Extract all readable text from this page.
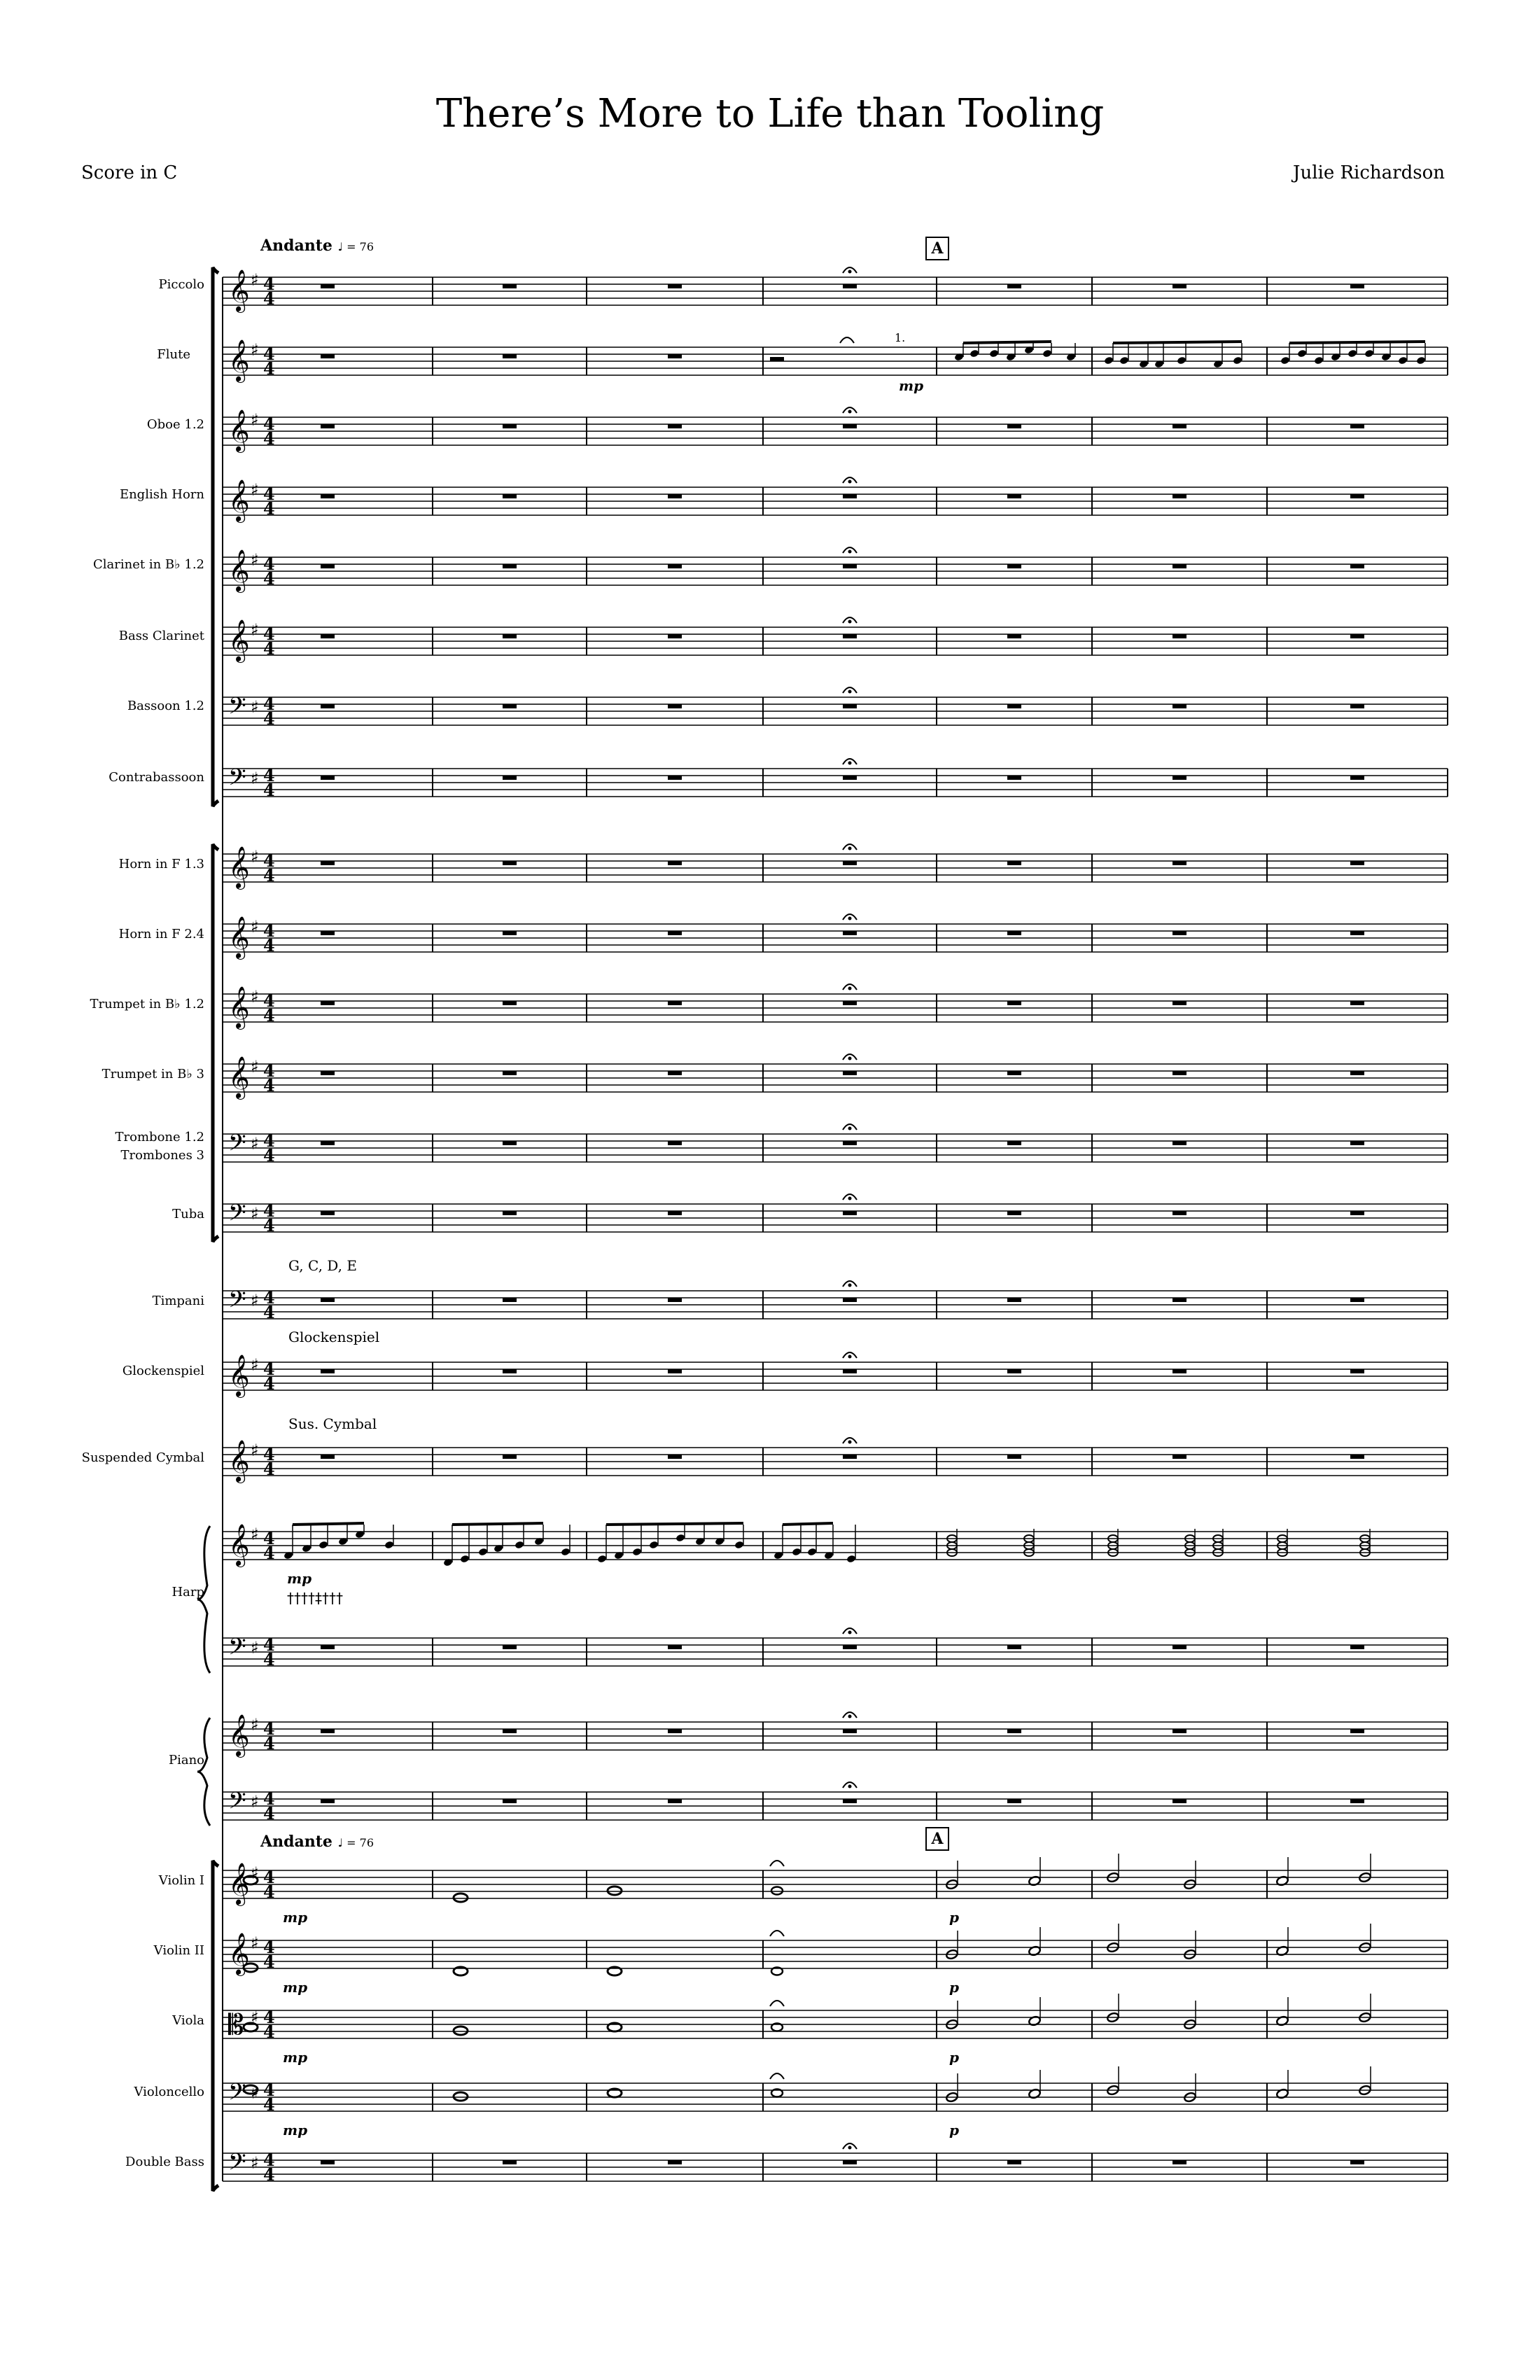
There’s More to Life than Tooling
Score in C	Julie Richardson
Andante ♩ = 76	A
Andante ♩ = 76	A
Piccolo
Flute
Oboe 1.2
English Horn
Clarinet in B♭ 1.2
Bass Clarinet
Bassoon 1.2
Contrabassoon
Horn in F 1.3
Horn in F 2.4
Trumpet in B♭ 1.2
Trumpet in B♭ 3
Trombone 1.2
Trombones 3
Tuba
Timpani
Glockenspiel
Suspended Cymbal
Harp
Piano
Violin I
Violin II
Viola
Violoncello
Double Bass
G, C, D, E
Glockenspiel
Sus. Cymbal
𝄞 ♯ 4
4
𝄞 ♯ 4
4
𝄞 ♯ 4
4
𝄞 ♯ 4
4
𝄞 ♯ 4
4
𝄞 ♯ 4
4
𝄢 ♯ 4
4
𝄢 ♯ 4
4
𝄞 ♯ 4
4
𝄞 ♯ 4
4
𝄞 ♯ 4
4
𝄞 ♯ 4
4
𝄢 ♯ 4
4
𝄢 ♯ 4
4
𝄢 ♯ 4
4
𝄞 ♯ 4
4
𝄞 ♯ 4
4
𝄞 ♯ 4
4
𝄢 ♯ 4
4
𝄞 ♯ 4
4
𝄢 ♯ 4
4
𝄞 ♯ 4
4
𝄞 ♯ 4
4
𝄡 ♯ 4
4
𝄢 ♯ 4
4
𝄢 ♯ 4
4
1.
mp
mp
††††‡†††
mp	p
mp	p
mp	p
mp	p
